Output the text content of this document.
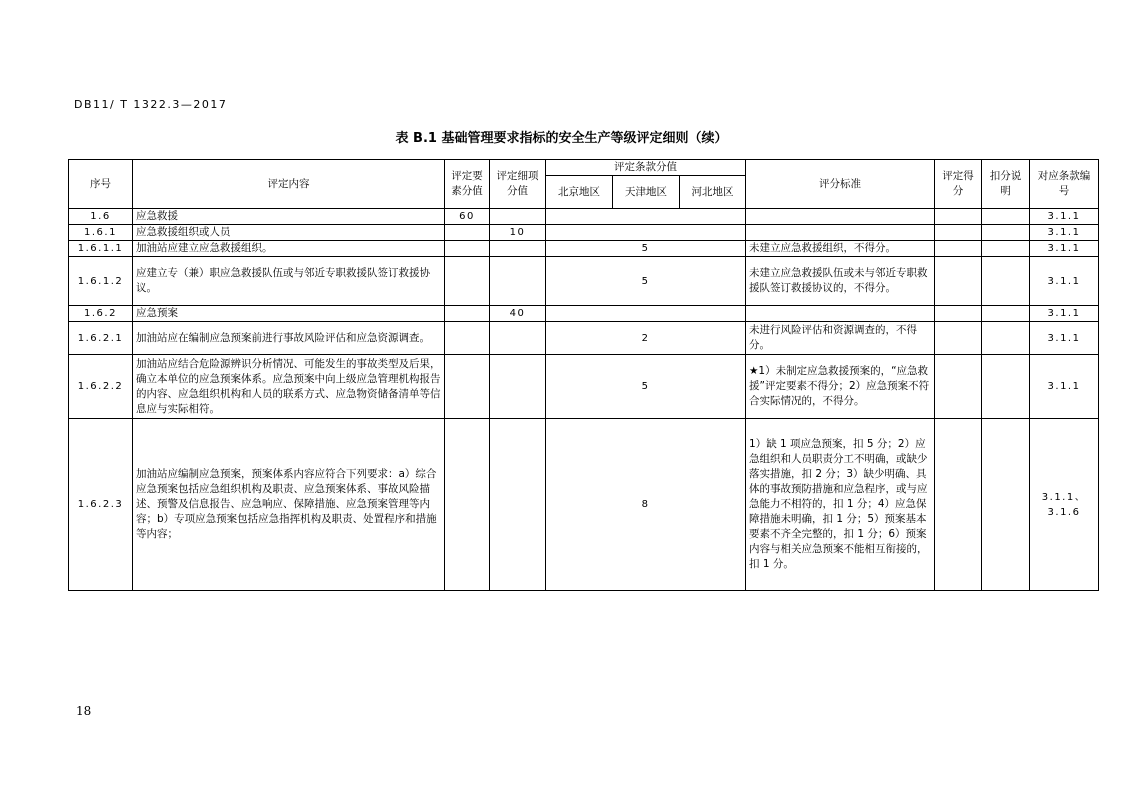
DB11/ T 1322.3—2017
表 B.1 基础管理要求指标的安全生产等级评定细则（续）
序号	评定内容	评定要素分值	评定细项分值	评定条款分值			评分标准	评定得分	扣分说明	对应条款编号
				北京地区	天津地区	河北地区				
1.6	应急救援	60								3.1.1
1.6.1	应急救援组织或人员		10							3.1.1
1.6.1.1	加油站应建立应急救援组织。			5			未建立应急救援组织，不得分。			3.1.1
1.6.1.2	应建立专（兼）职应急救援队伍或与邻近专职救援队签订救援协议。			5			未建立应急救援队伍或未与邻近专职救援队签订救援协议的，不得分。			3.1.1
1.6.2	应急预案		40							3.1.1
1.6.2.1	加油站应在编制应急预案前进行事故风险评估和应急资源调查。			2			未进行风险评估和资源调查的，不得分。			3.1.1
1.6.2.2	加油站应结合危险源辨识分析情况、可能发生的事故类型及后果，确立本单位的应急预案体系。应急预案中向上级应急管理机构报告的内容、应急组织机构和人员的联系方式、应急物资储备清单等信息应与实际相符。			5			★1）未制定应急救援预案的，“应急救援”评定要素不得分；2）应急预案不符合实际情况的，不得分。			3.1.1
1.6.2.3	加油站应编制应急预案，预案体系内容应符合下列要求：a）综合应急预案包括应急组织机构及职责、应急预案体系、事故风险描述、预警及信息报告、应急响应、保障措施、应急预案管理等内容；b）专项应急预案包括应急指挥机构及职责、处置程序和措施等内容；			8			1）缺 1 项应急预案，扣 5 分；2）应急组织和人员职责分工不明确，或缺少落实措施，扣 2 分；3）缺少明确、具体的事故预防措施和应急程序，或与应急能力不相符的，扣 1 分；4）应急保障措施未明确，扣 1 分；5）预案基本要素不齐全完整的，扣 1 分；6）预案内容与相关应急预案不能相互衔接的，扣 1 分。			3.1.1、3.1.6
18
